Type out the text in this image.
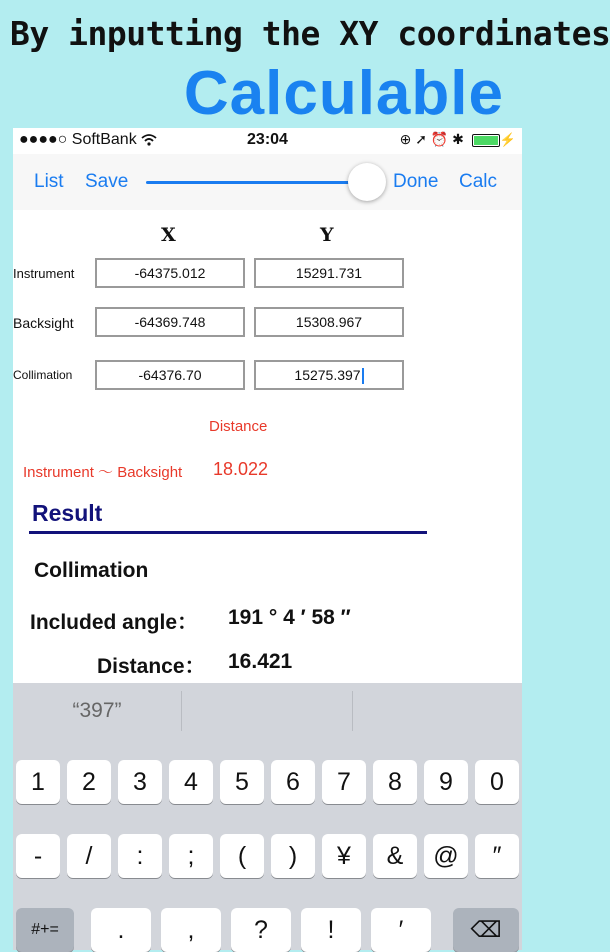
By inputting the XY coordinates
Calculable
●●●●○ SoftBank	23:04	⊕ ➚ ⏰ ✱	⚡
List Save	Done Calc
X	Y
Instrument	-64375.012	15291.731
Backsight	-64369.748	15308.967
Collimation	-64376.70	15275.397
Distance
Instrument ～ Backsight 18.022
Result
Collimation
Included angle： 191 ° 4 ′ 58 ″
Distance： 16.421
“397”
1	2	3	4	5	6	7	8	9	0
-	/	:	;	(	)	¥	&	@	″
#+=	.	,	?	!	′	⌫
